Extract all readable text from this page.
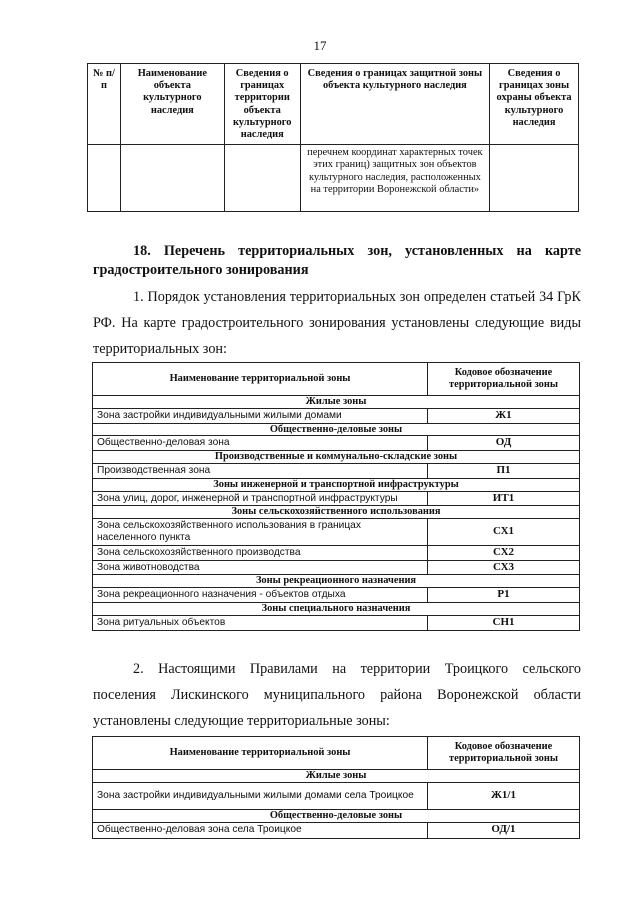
17
№ п/п	Наименование объекта культурного наследия	Сведения о границах территории объекта культурного наследия	Сведения о границах защитной зоны объекта культурного наследия	Сведения о границах зоны охраны объекта культурного наследия
			перечнем координат характерных точек этих границ) защитных зон объектов культурного наследия, расположенных на территории Воронежской области»	
18. Перечень территориальных зон, установленных на карте градостроительного зонирования
1. Порядок установления территориальных зон определен статьей 34 ГрК РФ. На карте градостроительного зонирования установлены следующие виды территориальных зон:
Наименование территориальной зоны	Кодовое обозначение территориальной зоны
Жилые зоны	
Зона застройки индивидуальными жилыми домами	Ж1
Общественно-деловые зоны	
Общественно-деловая зона	ОД
Производственные и коммунально-складские зоны	
Производственная зона	П1
Зоны инженерной и транспортной инфраструктуры	
Зона улиц, дорог, инженерной и транспортной инфраструктуры	ИТ1
Зоны сельскохозяйственного использования	
Зона сельскохозяйственного использования в границах населенного пункта	СХ1
Зона сельскохозяйственного производства	СХ2
Зона животноводства	СХ3
Зоны рекреационного назначения	
Зона рекреационного назначения - объектов отдыха	Р1
Зоны специального назначения	
Зона ритуальных объектов	СН1
2. Настоящими Правилами на территории Троицкого сельского поселения Лискинского муниципального района Воронежской области установлены следующие территориальные зоны:
Наименование территориальной зоны	Кодовое обозначение территориальной зоны
Жилые зоны	
Зона застройки индивидуальными жилыми домами села Троицкое	Ж1/1
Общественно-деловые зоны	
Общественно-деловая зона села Троицкое	ОД/1
